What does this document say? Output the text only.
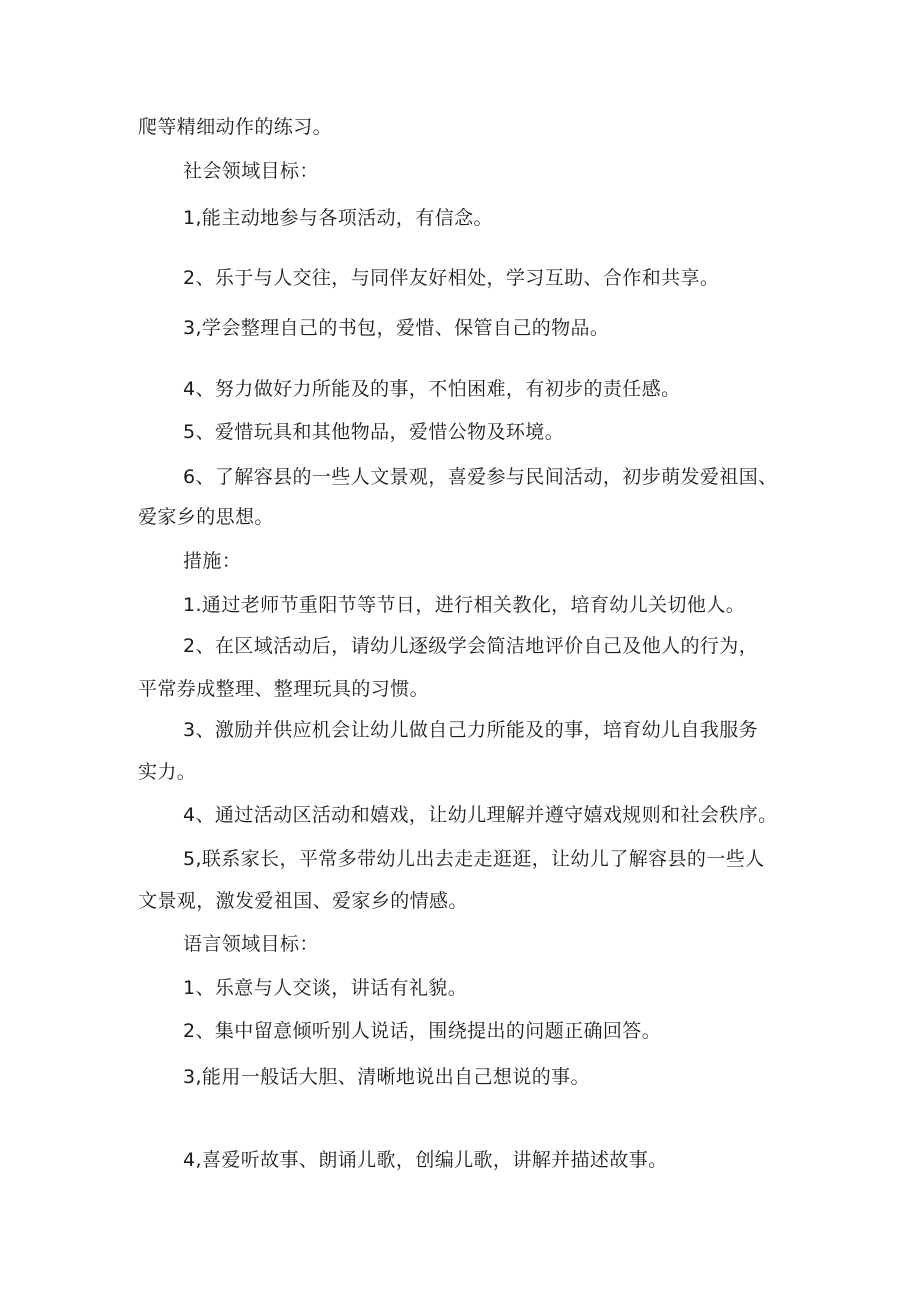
爬等精细动作的练习。
社会领域目标：
1,能主动地参与各项活动，有信念。
2、乐于与人交往，与同伴友好相处，学习互助、合作和共享。
3,学会整理自己的书包，爱惜、保管自己的物品。
4、努力做好力所能及的事，不怕困难，有初步的责任感。
5、爱惜玩具和其他物品，爱惜公物及环境。
6、了解容县的一些人文景观，喜爱参与民间活动，初步萌发爱祖国、
爱家乡的思想。
措施：
1.通过老师节重阳节等节日，进行相关教化，培育幼儿关切他人。
2、在区域活动后，请幼儿逐级学会简洁地评价自己及他人的行为，
平常券成整理、整理玩具的习惯。
3、激励并供应机会让幼儿做自己力所能及的事，培育幼儿自我服务
实力。
4、通过活动区活动和嬉戏，让幼儿理解并遵守嬉戏规则和社会秩序。
5,联系家长，平常多带幼儿出去走走逛逛，让幼儿了解容县的一些人
文景观，激发爱祖国、爱家乡的情感。
语言领域目标：
1、乐意与人交谈，讲话有礼貌。
2、集中留意倾听别人说话，围绕提出的问题正确回答。
3,能用一般话大胆、清晰地说出自己想说的事。
4,喜爱听故事、朗诵儿歌，创编儿歌，讲解并描述故事。
